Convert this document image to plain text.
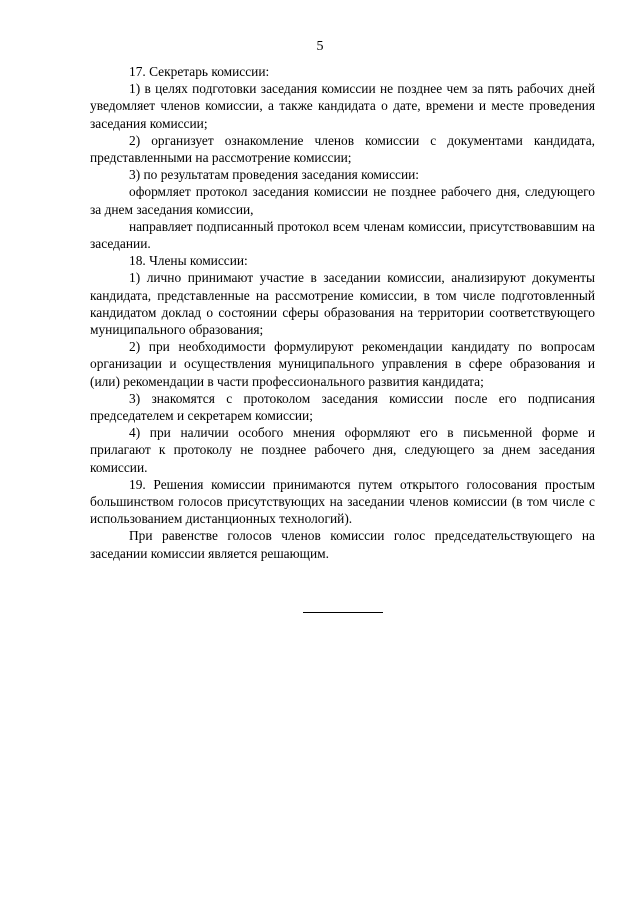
5

17. Секретарь комиссии:

1) в целях подготовки заседания комиссии не позднее чем за пять рабочих дней уведомляет членов комиссии, а также кандидата о дате, времени и месте проведения заседания комиссии;

2) организует ознакомление членов комиссии с документами кандидата, представленными на рассмотрение комиссии;

3) по результатам проведения заседания комиссии:

оформляет протокол заседания комиссии не позднее рабочего дня, следующего за днем заседания комиссии,

направляет подписанный протокол всем членам комиссии, присутствовавшим на заседании.

18. Члены комиссии:

1) лично принимают участие в заседании комиссии, анализируют документы кандидата, представленные на рассмотрение комиссии, в том числе подготовленный кандидатом доклад о состоянии сферы образования на территории соответствующего муниципального образования;

2) при необходимости формулируют рекомендации кандидату по вопросам организации и осуществления муниципального управления в сфере образования и (или) рекомендации в части профессионального развития кандидата;

3) знакомятся с протоколом заседания комиссии после его подписания председателем и секретарем комиссии;

4) при наличии особого мнения оформляют его в письменной форме и прилагают к протоколу не позднее рабочего дня, следующего за днем заседания комиссии.

19. Решения комиссии принимаются путем открытого голосования простым большинством голосов присутствующих на заседании членов комиссии (в том числе с использованием дистанционных технологий).

При равенстве голосов членов комиссии голос председательствующего на заседании комиссии является решающим.
